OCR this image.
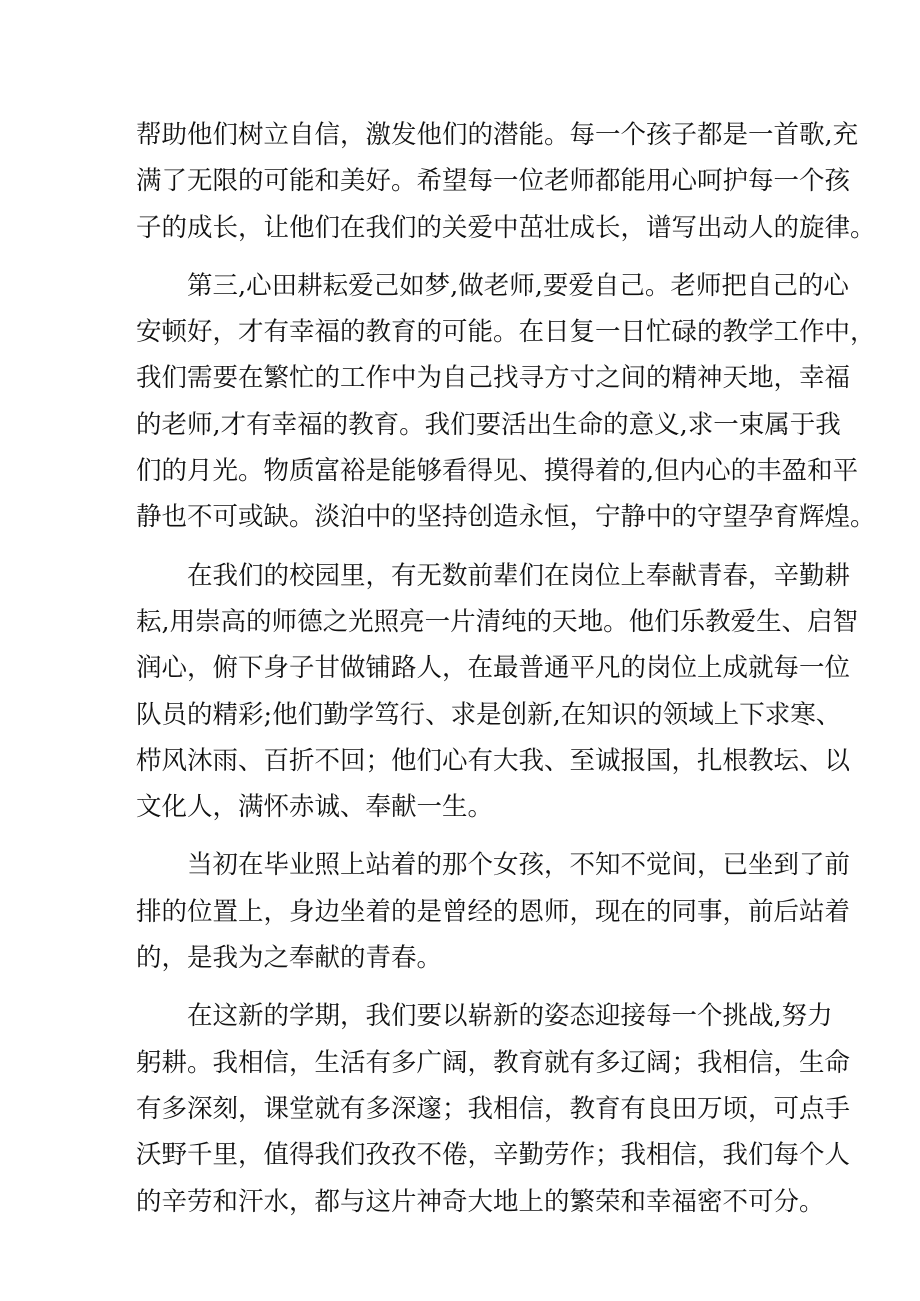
帮助他们树立自信，激发他们的潜能。每一个孩子都是一首歌,充
满了无限的可能和美好。希望每一位老师都能用心呵护每一个孩
子的成长，让他们在我们的关爱中茁壮成长，谱写出动人的旋律。

第三,心田耕耘爱己如梦,做老师,要爱自己。老师把自己的心
安顿好，才有幸福的教育的可能。在日复一日忙碌的教学工作中，
我们需要在繁忙的工作中为自己找寻方寸之间的精神天地，幸福
的老师,才有幸福的教育。我们要活出生命的意义,求一束属于我
们的月光。物质富裕是能够看得见、摸得着的,但内心的丰盈和平
静也不可或缺。淡泊中的坚持创造永恒，宁静中的守望孕育辉煌。

在我们的校园里，有无数前辈们在岗位上奉献青春，辛勤耕
耘,用崇高的师德之光照亮一片清纯的天地。他们乐教爱生、启智
润心，俯下身子甘做铺路人，在最普通平凡的岗位上成就每一位
队员的精彩;他们勤学笃行、求是创新,在知识的领域上下求寒、
栉风沐雨、百折不回；他们心有大我、至诚报国，扎根教坛、以
文化人，满怀赤诚、奉献一生。

当初在毕业照上站着的那个女孩，不知不觉间，已坐到了前
排的位置上，身边坐着的是曾经的恩师，现在的同事，前后站着
的，是我为之奉献的青春。

在这新的学期，我们要以崭新的姿态迎接每一个挑战,努力
躬耕。我相信，生活有多广阔，教育就有多辽阔；我相信，生命
有多深刻，课堂就有多深邃；我相信，教育有良田万顷，可点手
沃野千里，值得我们孜孜不倦，辛勤劳作；我相信，我们每个人
的辛劳和汗水，都与这片神奇大地上的繁荣和幸福密不可分。
